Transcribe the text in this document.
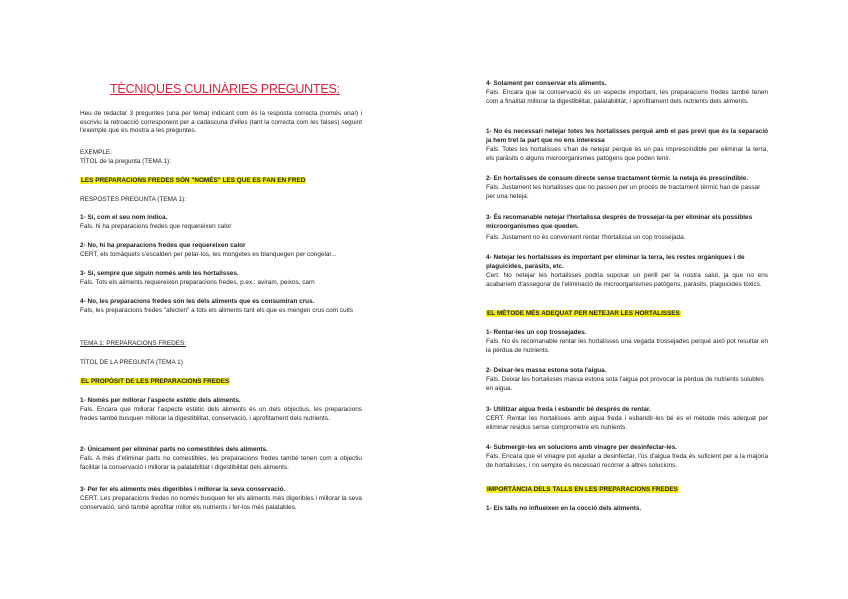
TÈCNIQUES CULINÀRIES PREGUNTES:
Heu de redactar 3 preguntes (una per tema) indicant com és la resposta correcta (només una!) i escriviu la retroacció corresponent per a cadascuna d'elles (tant la correcta com les falses) seguint l'exemple que es mostra a les preguntes.
EXEMPLE:
TÍTOL de la pregunta (TEMA 1):
LES PREPARACIONS FREDES SÓN "NOMÉS" LES QUE ES FAN EN FRED
RESPOSTES PREGUNTA (TEMA 1):
1- Sí, com el seu nom indica.
Fals, hi ha preparacions fredes que requereixen calor
2- No, hi ha preparacions fredes que requereixen calor
CERT, els tomàquets s'escalden per pelar-los, les mongetes es blanquegen per congelar...
3- Sí, sempre que siguin només amb les hortalisses.
Fals. Tots els aliments requereixen preparacions fredes, p.ex.: aviram, peixos, carn
4- No, les preparacions fredes són les dels aliments que es consumiran crus.
Fals, les preparacions fredes "afecten" a tots els aliments tant els que es mengen crus com cuits
TEMA 1: PREPARACIONS FREDES:
TÍTOL DE LA PREGUNTA (TEMA 1)
EL PROPÒSIT DE LES PREPARACIONS FREDES
1- Només per millorar l'aspecte estètic dels aliments.
Fals. Encara que millorar l'aspecte estètic dels aliments és un dels objectius, les preparacions fredes també busquen millorar la digestibilitat, conservació, i aprofitament dels nutrients.
2- Únicament per eliminar parts no comestibles dels aliments.
Fals. A més d'eliminar parts no comestibles, les preparacions fredes també tenen com a objectiu facilitar la conservació i millorar la palatabilitat i digestibilitat dels aliments.
3- Per fer els aliments més digeribles i millorar la seva conservació.
CERT. Les preparacions fredes no només busquen fer els aliments més digeribles i millorar la seva conservació, sinó també aprofitar millor els nutrients i fer-los més palatables.
4- Solament per conservar els aliments.
Fals. Encara que la conservació és un aspecte important, les preparacions fredes també tenen com a finalitat millorar la digestibilitat, palatabilitat, i aprofitament dels nutrients dels aliments.
1- No és necessari netejar totes les hortalisses perquè amb el pas previ que és la separació ja hem tret la part que no ens interessa
Fals. Totes les hortalisses s'han de netejar perquè és un pas imprescindible per eliminar la terra, els paràsits o alguns microorganismes patògens que poden tenir.
2- En hortalisses de consum directe sense tractament tèrmic la neteja és prescindible.
Fals. Justament les hortalisses que no passen per un procés de tractament tèrmic han de passar per una neteja.
3- És recomanable netejar l'hortalissa després de trossejar-la per eliminar els possibles microorganismes que queden.
Fals. Justament no és convenient rentar l'hortalissa un cop trossejada.
4- Netejar les hortalisses és important per eliminar la terra, les restes orgàniques i de plaguicides, paràsits, etc.
Cert. No netejar les hortalisses podria suposar un perill per la nostra salut, ja que no ens acabaríem d'assegurar de l'eliminació de microorganismes patògens, paràsits, plaguicides tòxics.
EL MÈTODE MÉS ADEQUAT PER NETEJAR LES HORTALISSES
1- Rentar-les un cop trossejades.
Fals. No és recomanable rentar les hortalisses una vegada trossejades perquè això pot resultar en la pèrdua de nutrients.
2- Deixar-les massa estona sota l'aigua.
Fals. Deixar les hortalisses massa estona sota l'aigua pot provocar la pèrdua de nutrients solubles en aigua.
3- Utilitzar aigua freda i esbandir bé després de rentar.
CERT. Rentar les hortalisses amb aigua freda i esbandir-les bé és el mètode més adequat per eliminar residus sense comprometre els nutrients.
4- Submergir-les en solucions amb vinagre per desinfectar-les.
Fals. Encara que el vinagre pot ajudar a desinfectar, l'ús d'aigua freda és suficient per a la majoria de hortalisses, i no sempre és necessari recórrer a altres solucions.
IMPORTÀNCIA DELS TALLS EN LES PREPARACIONS FREDES
1- Els talls no influeixen en la cocció dels aliments.
